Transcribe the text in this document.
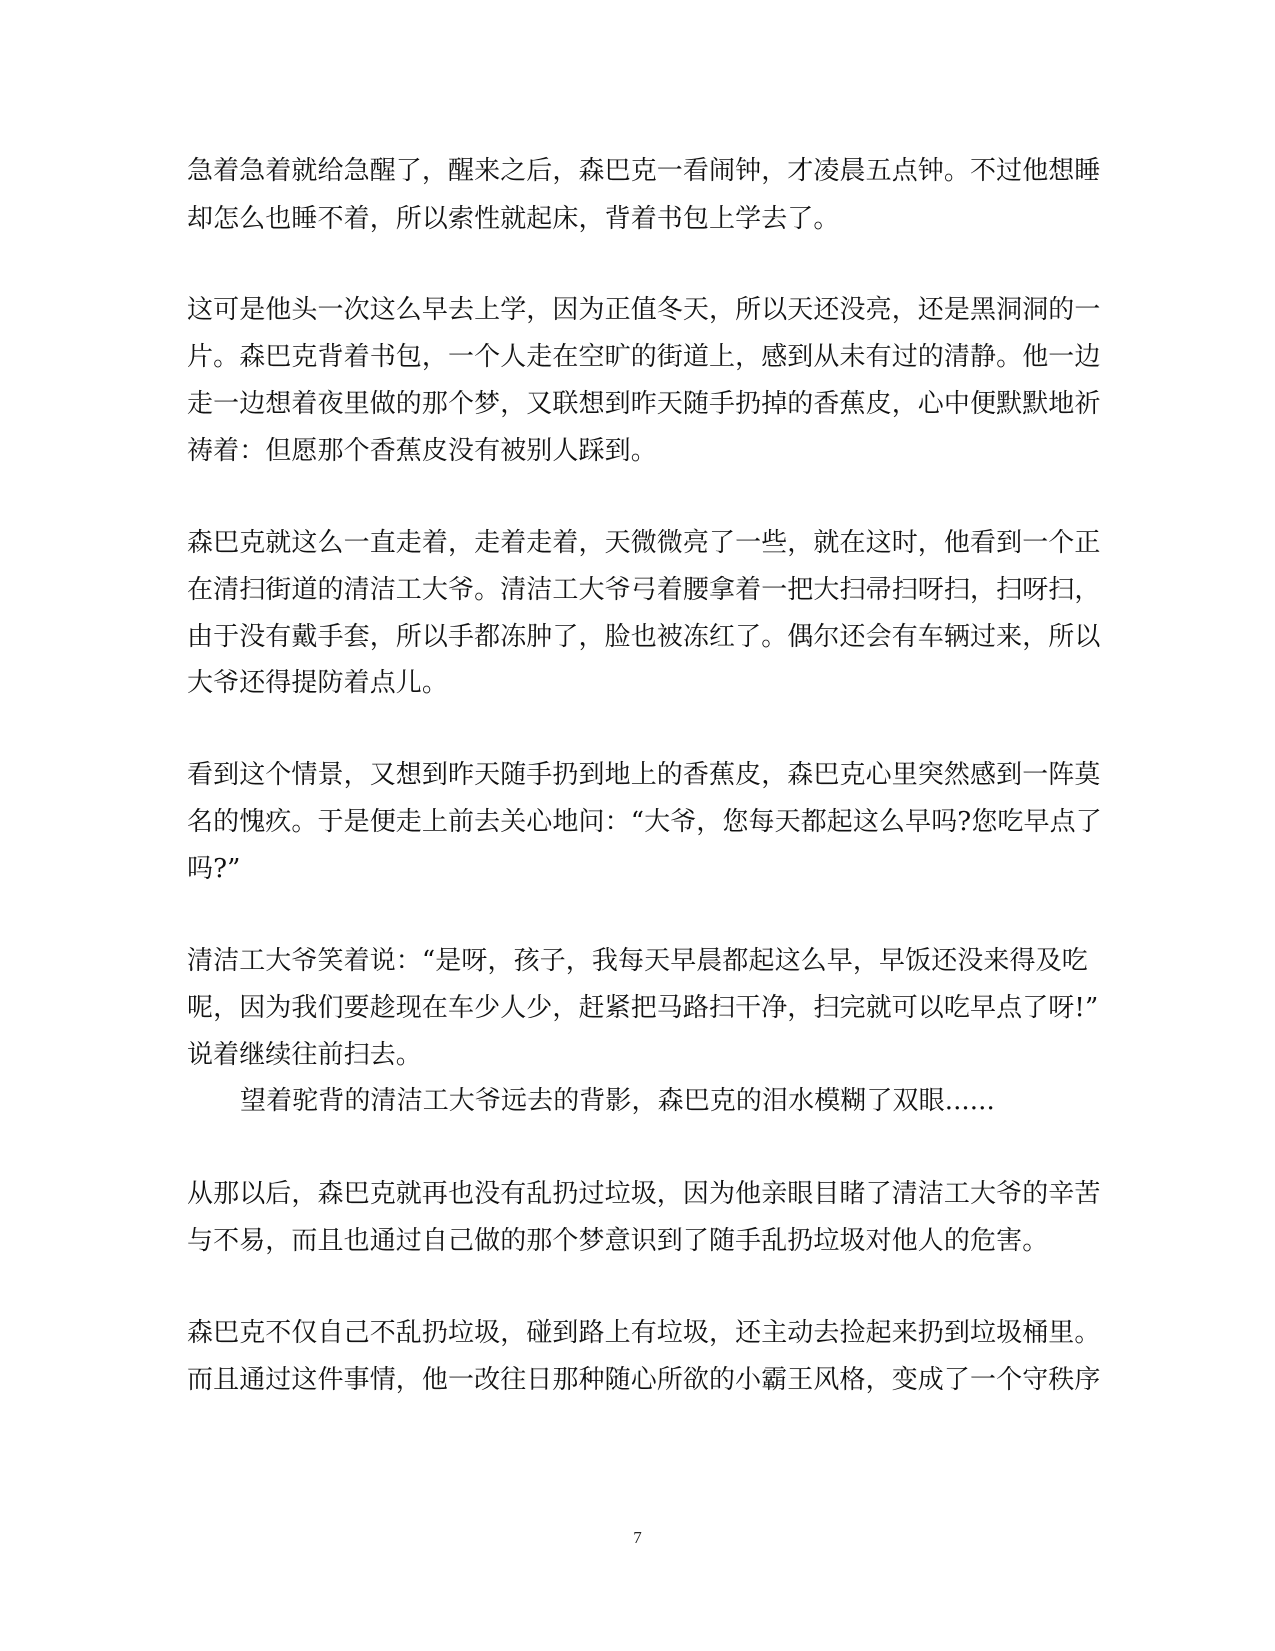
急着急着就给急醒了，醒来之后，森巴克一看闹钟，才凌晨五点钟。不过他想睡
却怎么也睡不着，所以索性就起床，背着书包上学去了。
这可是他头一次这么早去上学，因为正值冬天，所以天还没亮，还是黑洞洞的一
片。森巴克背着书包，一个人走在空旷的街道上，感到从未有过的清静。他一边
走一边想着夜里做的那个梦，又联想到昨天随手扔掉的香蕉皮，心中便默默地祈
祷着：但愿那个香蕉皮没有被别人踩到。
森巴克就这么一直走着，走着走着，天微微亮了一些，就在这时，他看到一个正
在清扫街道的清洁工大爷。清洁工大爷弓着腰拿着一把大扫帚扫呀扫，扫呀扫，
由于没有戴手套，所以手都冻肿了，脸也被冻红了。偶尔还会有车辆过来，所以
大爷还得提防着点儿。
看到这个情景，又想到昨天随手扔到地上的香蕉皮，森巴克心里突然感到一阵莫
名的愧疚。于是便走上前去关心地问：“大爷，您每天都起这么早吗?您吃早点了
吗?”
清洁工大爷笑着说：“是呀，孩子，我每天早晨都起这么早，早饭还没来得及吃
呢，因为我们要趁现在车少人少，赶紧把马路扫干净，扫完就可以吃早点了呀!”
说着继续往前扫去。
望着驼背的清洁工大爷远去的背影，森巴克的泪水模糊了双眼......
从那以后，森巴克就再也没有乱扔过垃圾，因为他亲眼目睹了清洁工大爷的辛苦
与不易，而且也通过自己做的那个梦意识到了随手乱扔垃圾对他人的危害。
森巴克不仅自己不乱扔垃圾，碰到路上有垃圾，还主动去捡起来扔到垃圾桶里。
而且通过这件事情，他一改往日那种随心所欲的小霸王风格，变成了一个守秩序
7
